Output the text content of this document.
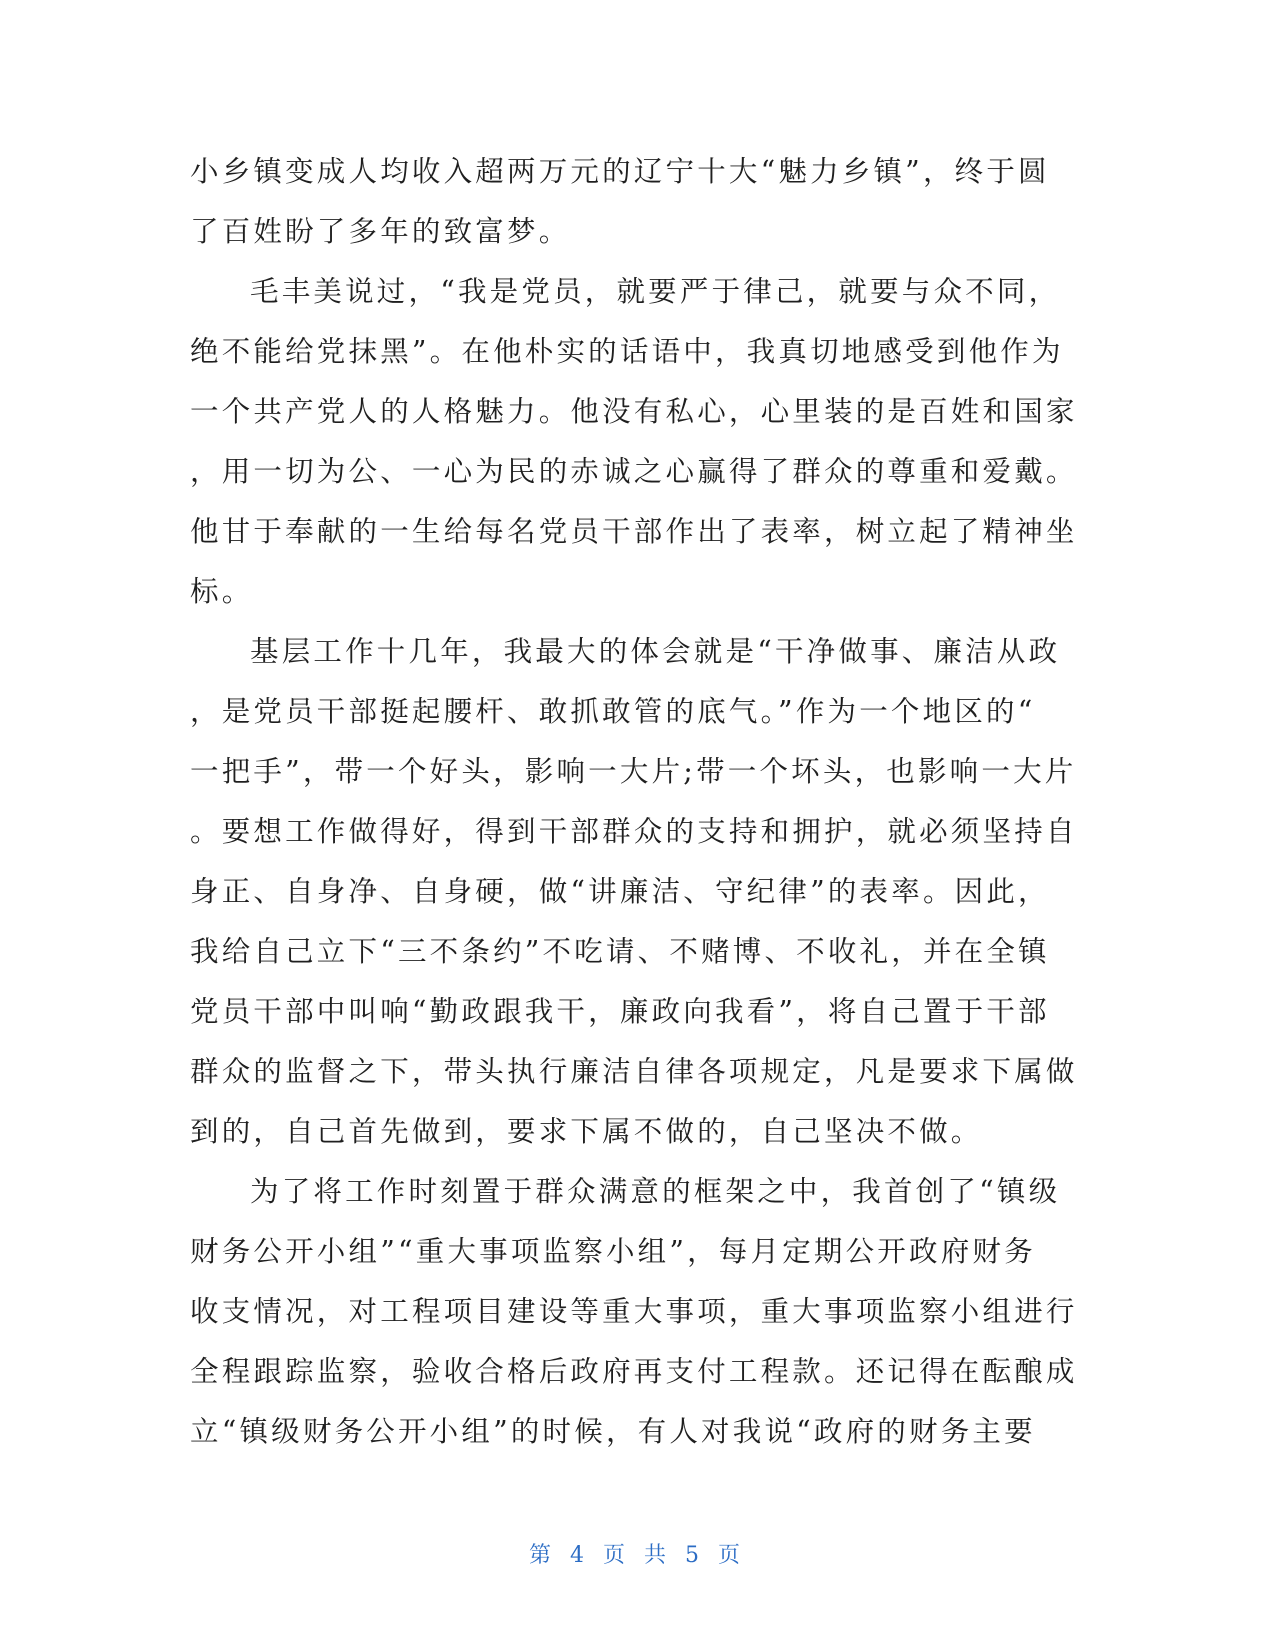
小乡镇变成人均收入超两万元的辽宁十大“魅力乡镇”，终于圆
了百姓盼了多年的致富梦。
毛丰美说过，“我是党员，就要严于律己，就要与众不同，
绝不能给党抹黑”。在他朴实的话语中，我真切地感受到他作为
一个共产党人的人格魅力。他没有私心，心里装的是百姓和国家
，用一切为公、一心为民的赤诚之心赢得了群众的尊重和爱戴。
他甘于奉献的一生给每名党员干部作出了表率，树立起了精神坐
标。
基层工作十几年，我最大的体会就是“干净做事、廉洁从政
，是党员干部挺起腰杆、敢抓敢管的底气。”作为一个地区的“
一把手”，带一个好头，影响一大片;带一个坏头，也影响一大片
。要想工作做得好，得到干部群众的支持和拥护，就必须坚持自
身正、自身净、自身硬，做“讲廉洁、守纪律”的表率。因此，
我给自己立下“三不条约”不吃请、不赌博、不收礼，并在全镇
党员干部中叫响“勤政跟我干，廉政向我看”，将自己置于干部
群众的监督之下，带头执行廉洁自律各项规定，凡是要求下属做
到的，自己首先做到，要求下属不做的，自己坚决不做。
为了将工作时刻置于群众满意的框架之中，我首创了“镇级
财务公开小组”“重大事项监察小组”，每月定期公开政府财务
收支情况，对工程项目建设等重大事项，重大事项监察小组进行
全程跟踪监察，验收合格后政府再支付工程款。还记得在酝酿成
立“镇级财务公开小组”的时候，有人对我说“政府的财务主要
第 4 页 共 5 页
